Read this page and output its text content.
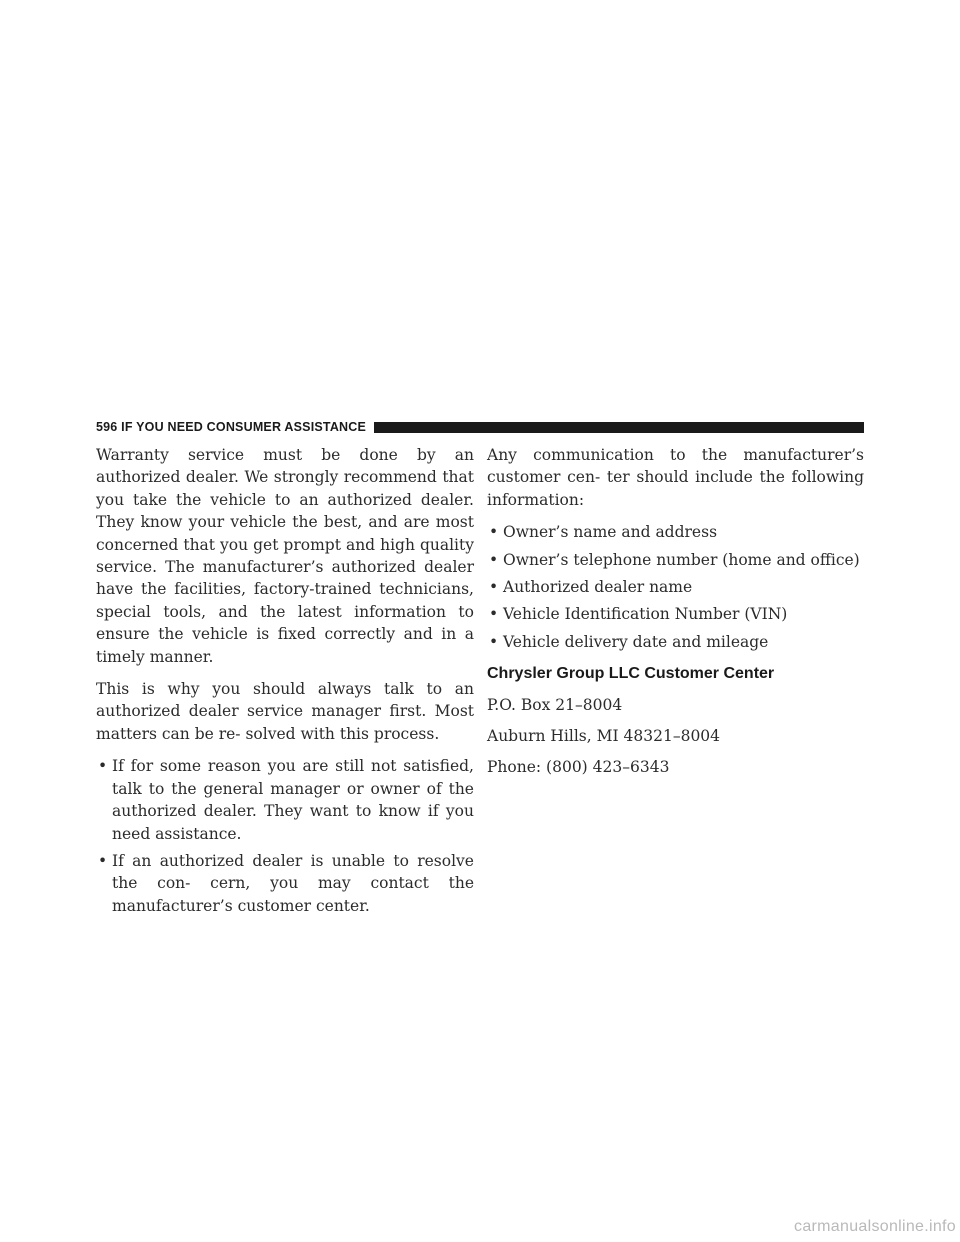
596 IF YOU NEED CONSUMER ASSISTANCE

Warranty service must be done by an authorized dealer. We strongly recommend that you take the vehicle to an authorized dealer. They know your vehicle the best, and are most concerned that you get prompt and high quality service. The manufacturer’s authorized dealer have the facilities, factory-trained technicians, special tools, and the latest information to ensure the vehicle is fixed correctly and in a timely manner.

This is why you should always talk to an authorized dealer service manager first. Most matters can be re- solved with this process.

• If for some reason you are still not satisfied, talk to the general manager or owner of the authorized dealer. They want to know if you need assistance.
• If an authorized dealer is unable to resolve the con- cern, you may contact the manufacturer’s customer center.

Any communication to the manufacturer’s customer cen- ter should include the following information:

• Owner’s name and address
• Owner’s telephone number (home and office)
• Authorized dealer name
• Vehicle Identification Number (VIN)
• Vehicle delivery date and mileage
Chrysler Group LLC Customer Center

P.O. Box 21–8004

Auburn Hills, MI 48321–8004

Phone: (800) 423–6343

carmanualsonline.info
